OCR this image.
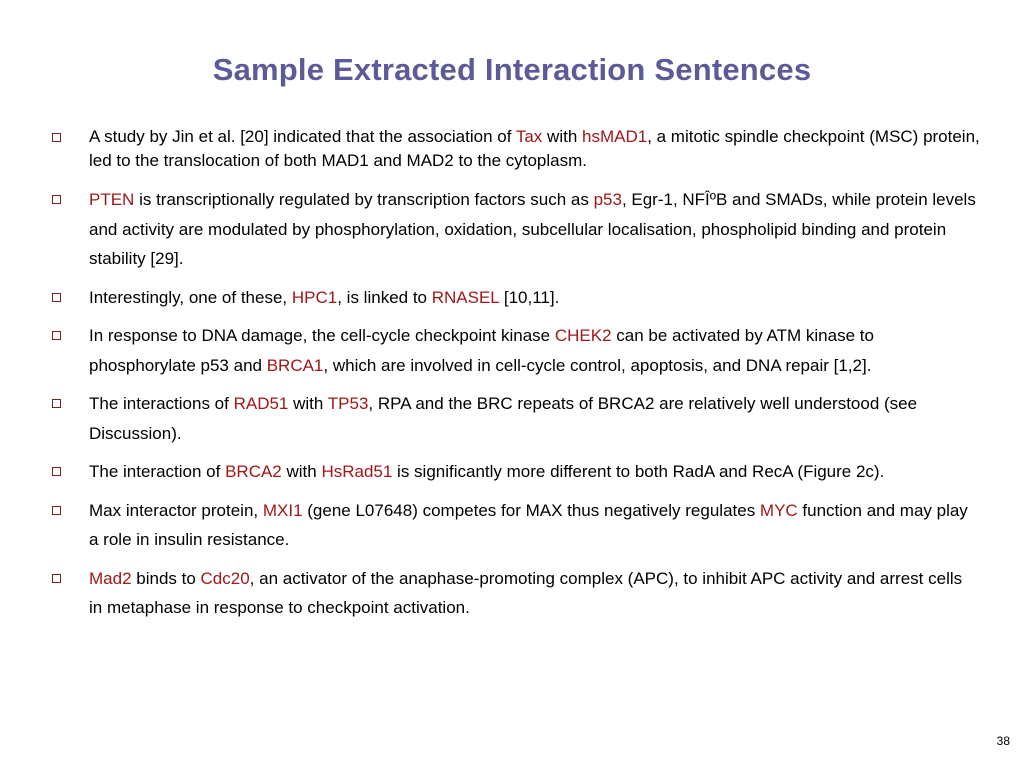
Sample Extracted Interaction Sentences
A study by Jin et al. [20] indicated that the association of Tax with hsMAD1, a mitotic spindle checkpoint (MSC) protein, led to the translocation of both MAD1 and MAD2 to the cytoplasm.
PTEN is transcriptionally regulated by transcription factors such as p53, Egr-1, NFÎºB and SMADs, while protein levels and activity are modulated by phosphorylation, oxidation, subcellular localisation, phospholipid binding and protein stability [29].
Interestingly, one of these, HPC1, is linked to RNASEL [10,11].
In response to DNA damage, the cell-cycle checkpoint kinase CHEK2 can be activated by ATM kinase to phosphorylate p53 and BRCA1, which are involved in cell-cycle control, apoptosis, and DNA repair [1,2].
The interactions of RAD51 with TP53, RPA and the BRC repeats of BRCA2 are relatively well understood (see Discussion).
The interaction of BRCA2 with HsRad51 is significantly more different to both RadA and RecA (Figure 2c).
Max interactor protein, MXI1 (gene L07648) competes for MAX thus negatively regulates MYC function and may play a role in insulin resistance.
Mad2 binds to Cdc20, an activator of the anaphase-promoting complex (APC), to inhibit APC activity and arrest cells in metaphase in response to checkpoint activation.
38
